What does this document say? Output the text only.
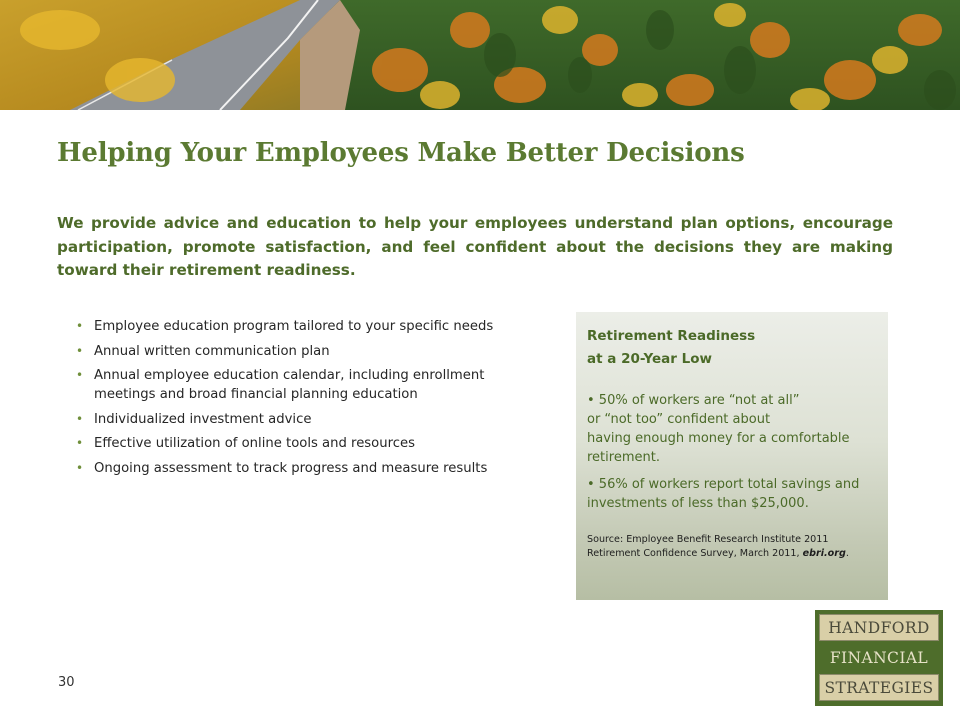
Helping Your Employees Make Better Decisions

We provide advice and education to help your employees understand plan options, encourage participation, promote satisfaction, and feel confident about the decisions they are making toward their retirement readiness.

• Employee education program tailored to your specific needs
• Annual written communication plan
• Annual employee education calendar, including enrollment meetings and broad financial planning education
• Individualized investment advice
• Effective utilization of online tools and resources
• Ongoing assessment to track progress and measure results

Retirement Readiness
at a 20-Year Low

• 50% of workers are “not at all”
or “not too” confident about
having enough money for a comfortable retirement.

• 56% of workers report total savings and investments of less than $25,000.

Source: Employee Benefit Research Institute 2011 Retirement Confidence Survey, March 2011, ebri.org.

30
HANDFORD
FINANCIAL
STRATEGIES
